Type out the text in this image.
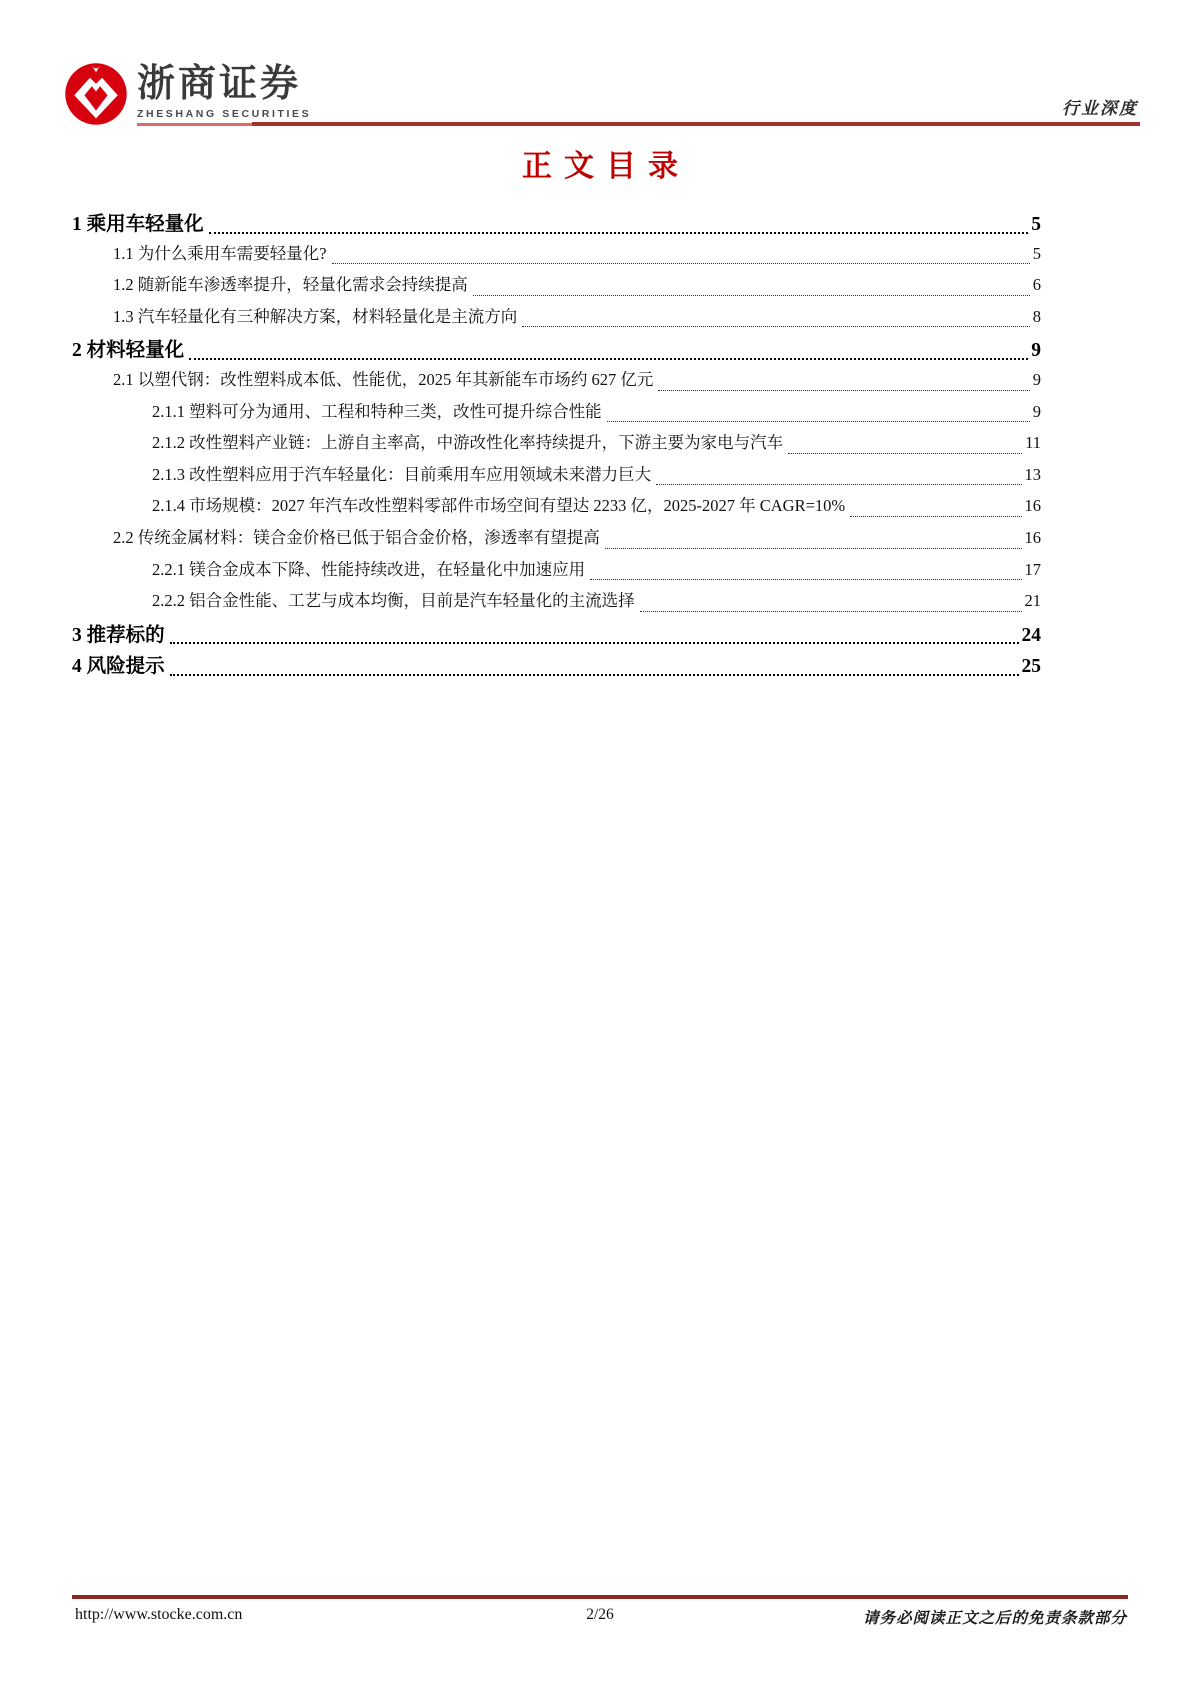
浙商证券
ZHESHANG SECURITIES	行业深度
正文目录
1 乘用车轻量化	5
1.1 为什么乘用车需要轻量化?	5
1.2 随新能车渗透率提升，轻量化需求会持续提高	6
1.3 汽车轻量化有三种解决方案，材料轻量化是主流方向	8
2 材料轻量化	9
2.1 以塑代钢：改性塑料成本低、性能优，2025 年其新能车市场约 627 亿元	9
2.1.1 塑料可分为通用、工程和特种三类，改性可提升综合性能	9
2.1.2 改性塑料产业链：上游自主率高，中游改性化率持续提升，下游主要为家电与汽车	11
2.1.3 改性塑料应用于汽车轻量化：目前乘用车应用领域未来潜力巨大	13
2.1.4 市场规模：2027 年汽车改性塑料零部件市场空间有望达 2233 亿，2025-2027 年 CAGR=10%	16
2.2 传统金属材料：镁合金价格已低于铝合金价格，渗透率有望提高	16
2.2.1 镁合金成本下降、性能持续改进，在轻量化中加速应用	17
2.2.2 铝合金性能、工艺与成本均衡，目前是汽车轻量化的主流选择	21
3 推荐标的	24
4 风险提示	25
http://www.stocke.com.cn	2/26	请务必阅读正文之后的免责条款部分
